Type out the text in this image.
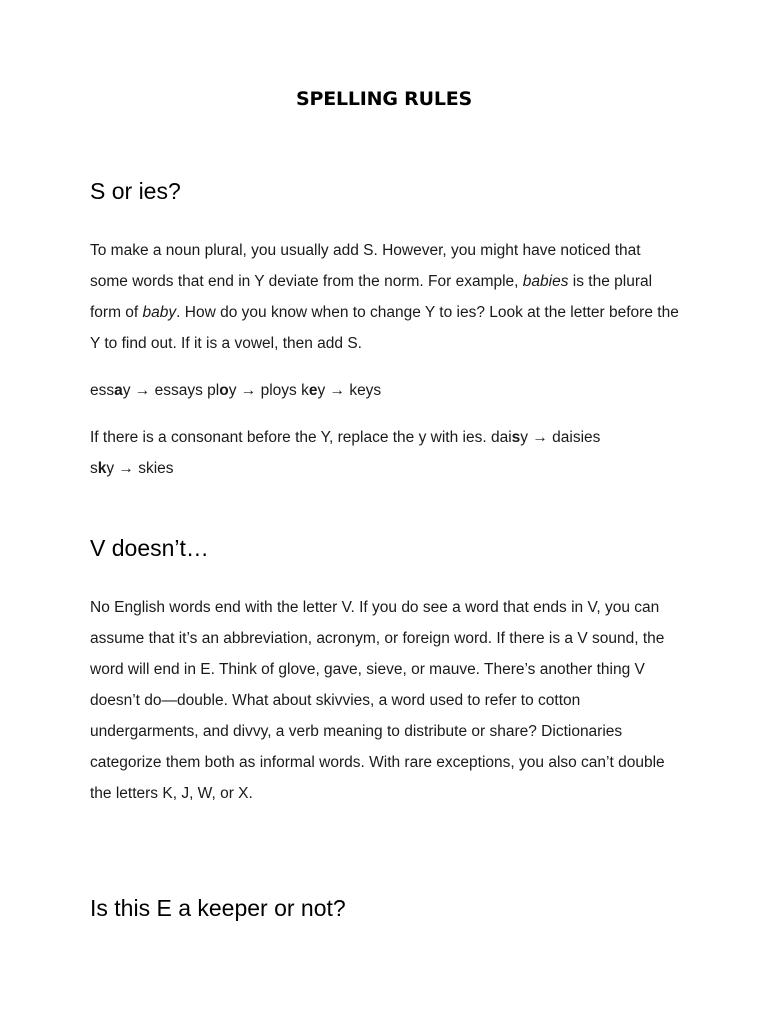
SPELLING RULES
S or ies?

To make a noun plural, you usually add S. However, you might have noticed that some words that end in Y deviate from the norm. For example, babies is the plural form of baby. How do you know when to change Y to ies? Look at the letter before the Y to find out. If it is a vowel, then add S.

essay → essays ploy → ploys key → keys

If there is a consonant before the Y, replace the y with ies. daisy → daisies
sky → skies

V doesn’t…

No English words end with the letter V. If you do see a word that ends in V, you can assume that it’s an abbreviation, acronym, or foreign word. If there is a V sound, the word will end in E. Think of glove, gave, sieve, or mauve. There’s another thing V doesn’t do—double. What about skivvies, a word used to refer to cotton undergarments, and divvy, a verb meaning to distribute or share? Dictionaries categorize them both as informal words. With rare exceptions, you also can’t double the letters K, J, W, or X.

Is this E a keeper or not?
